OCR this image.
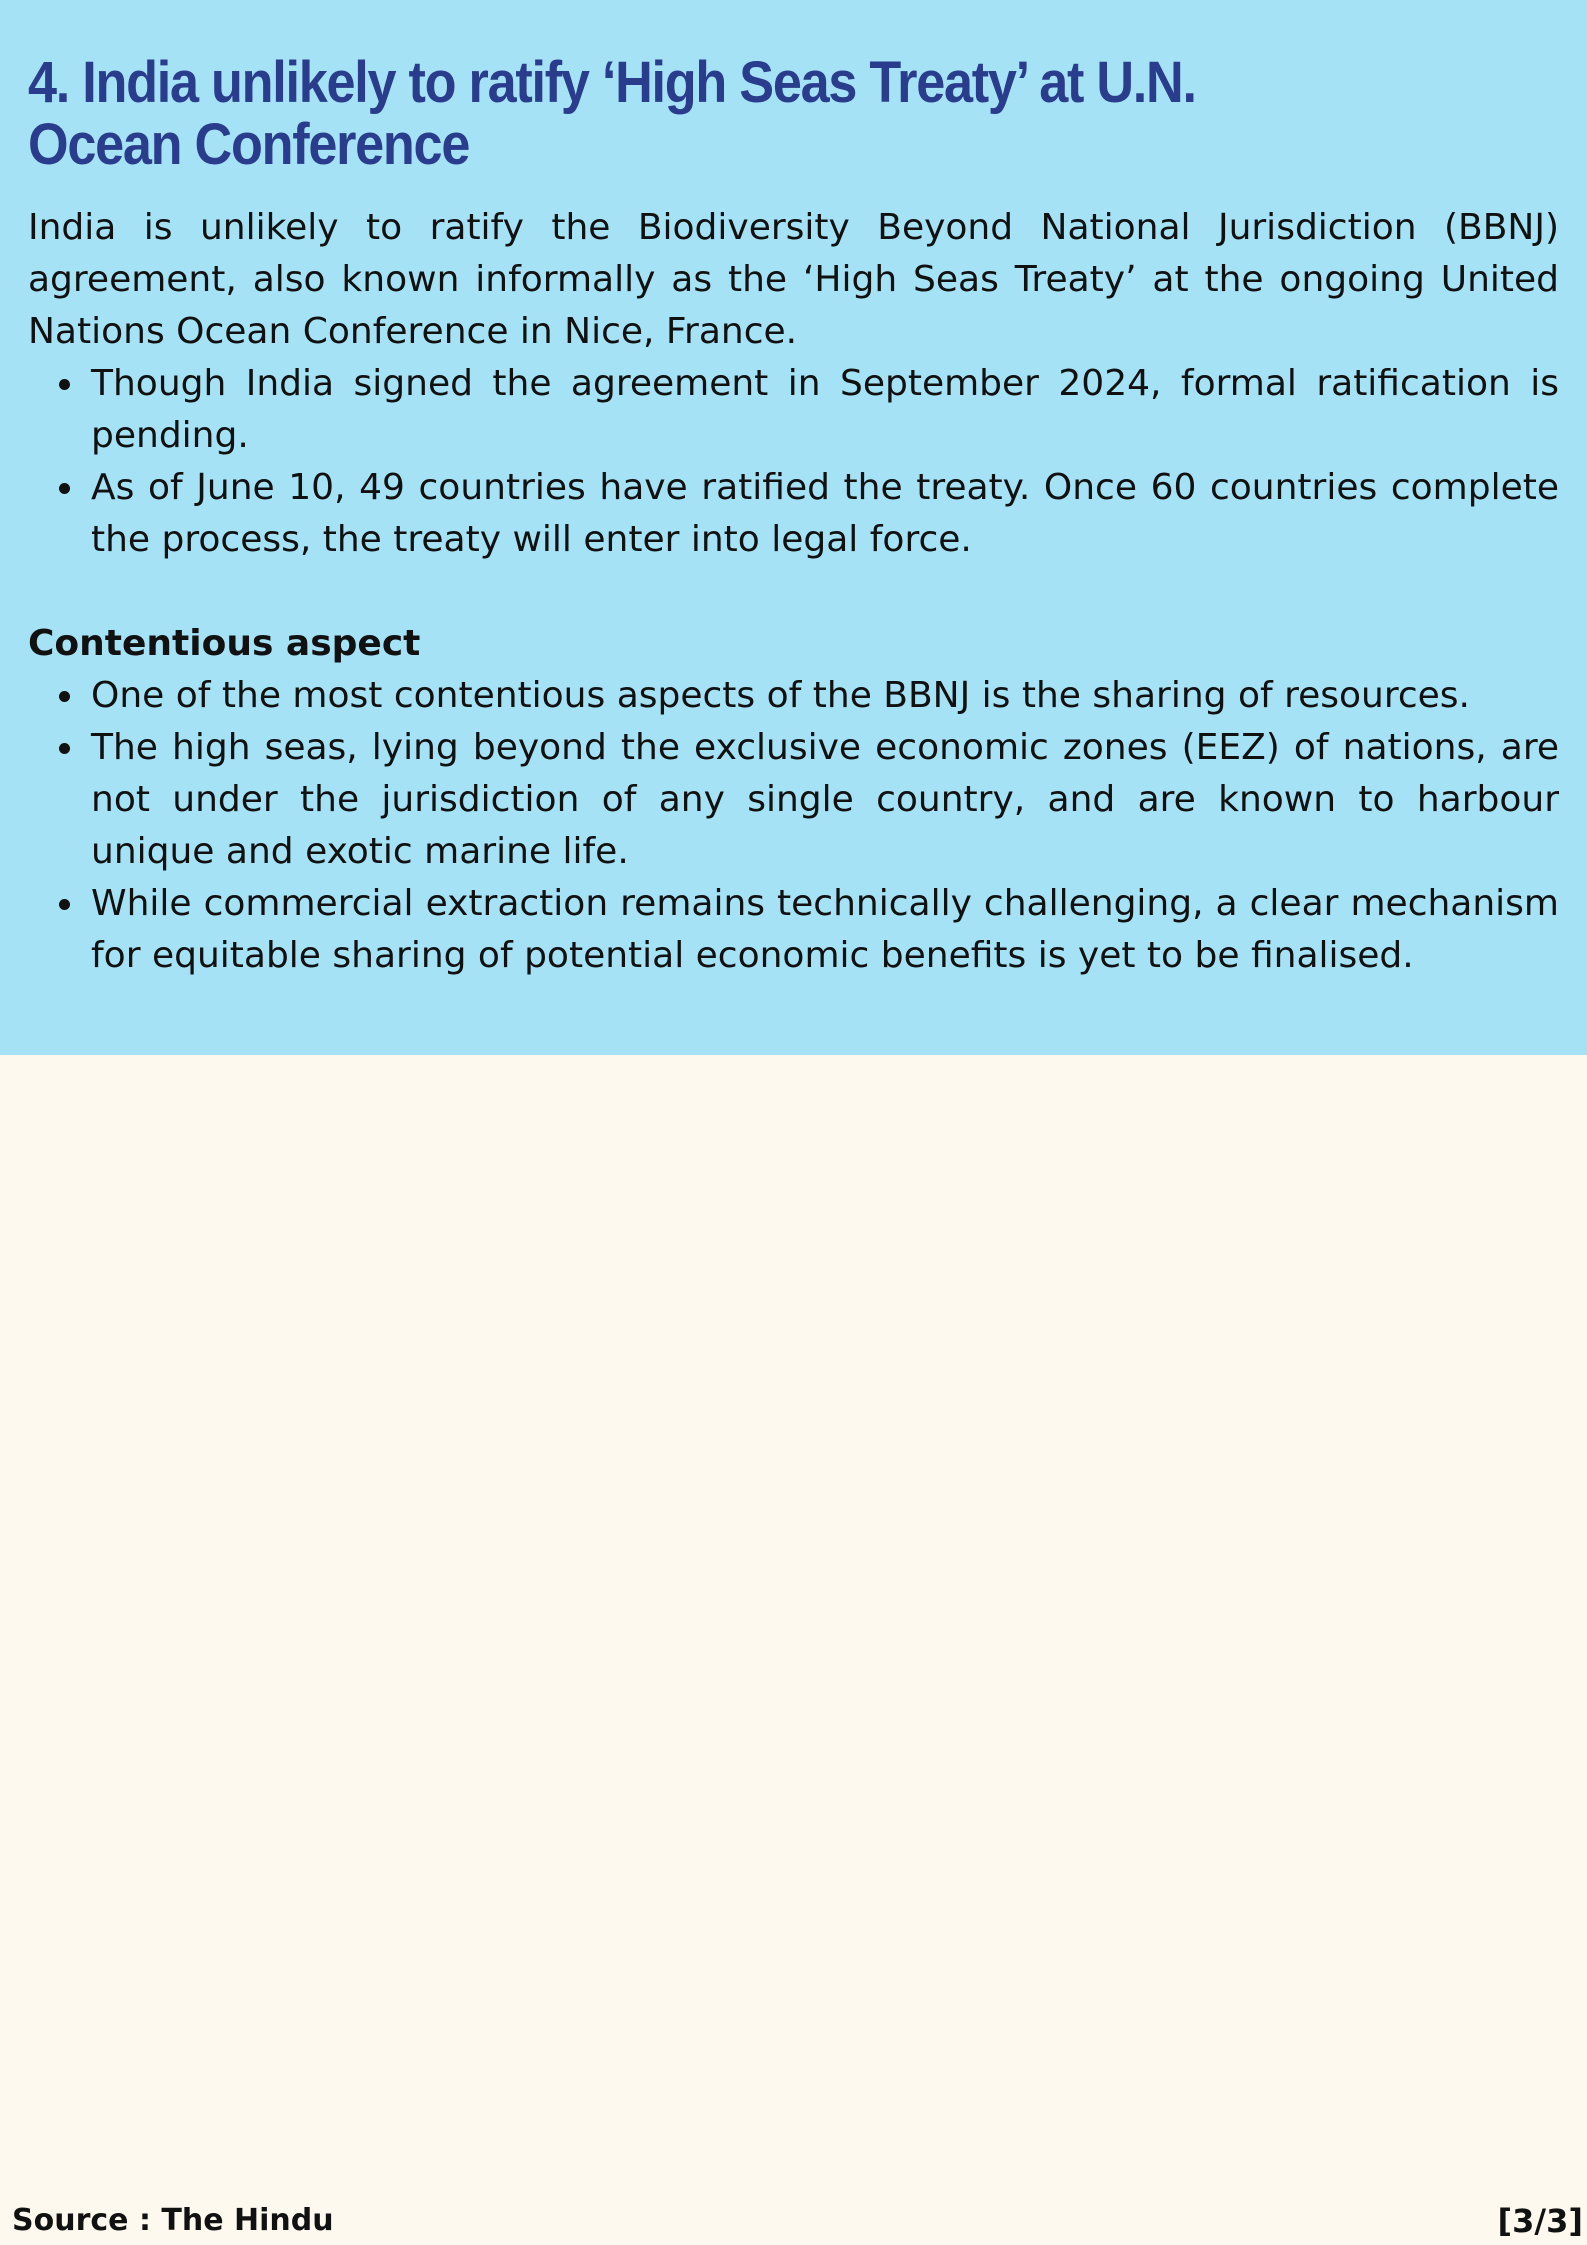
4. India unlikely to ratify ‘High Seas Treaty’ at U.N. Ocean Conference

India is unlikely to ratify the Biodiversity Beyond National Jurisdiction (BBNJ) agreement, also known informally as the ‘High Seas Treaty’ at the ongoing United Nations Ocean Conference in Nice, France.

Though India signed the agreement in September 2024, formal ratification is pending.
As of June 10, 49 countries have ratified the treaty. Once 60 countries complete the process, the treaty will enter into legal force.
Contentious aspect
One of the most contentious aspects of the BBNJ is the sharing of resources.
The high seas, lying beyond the exclusive economic zones (EEZ) of nations, are not under the jurisdiction of any single country, and are known to harbour unique and exotic marine life.
While commercial extraction remains technically challenging, a clear mechanism for equitable sharing of potential economic benefits is yet to be finalised.
Source : The Hindu	[3/3]
